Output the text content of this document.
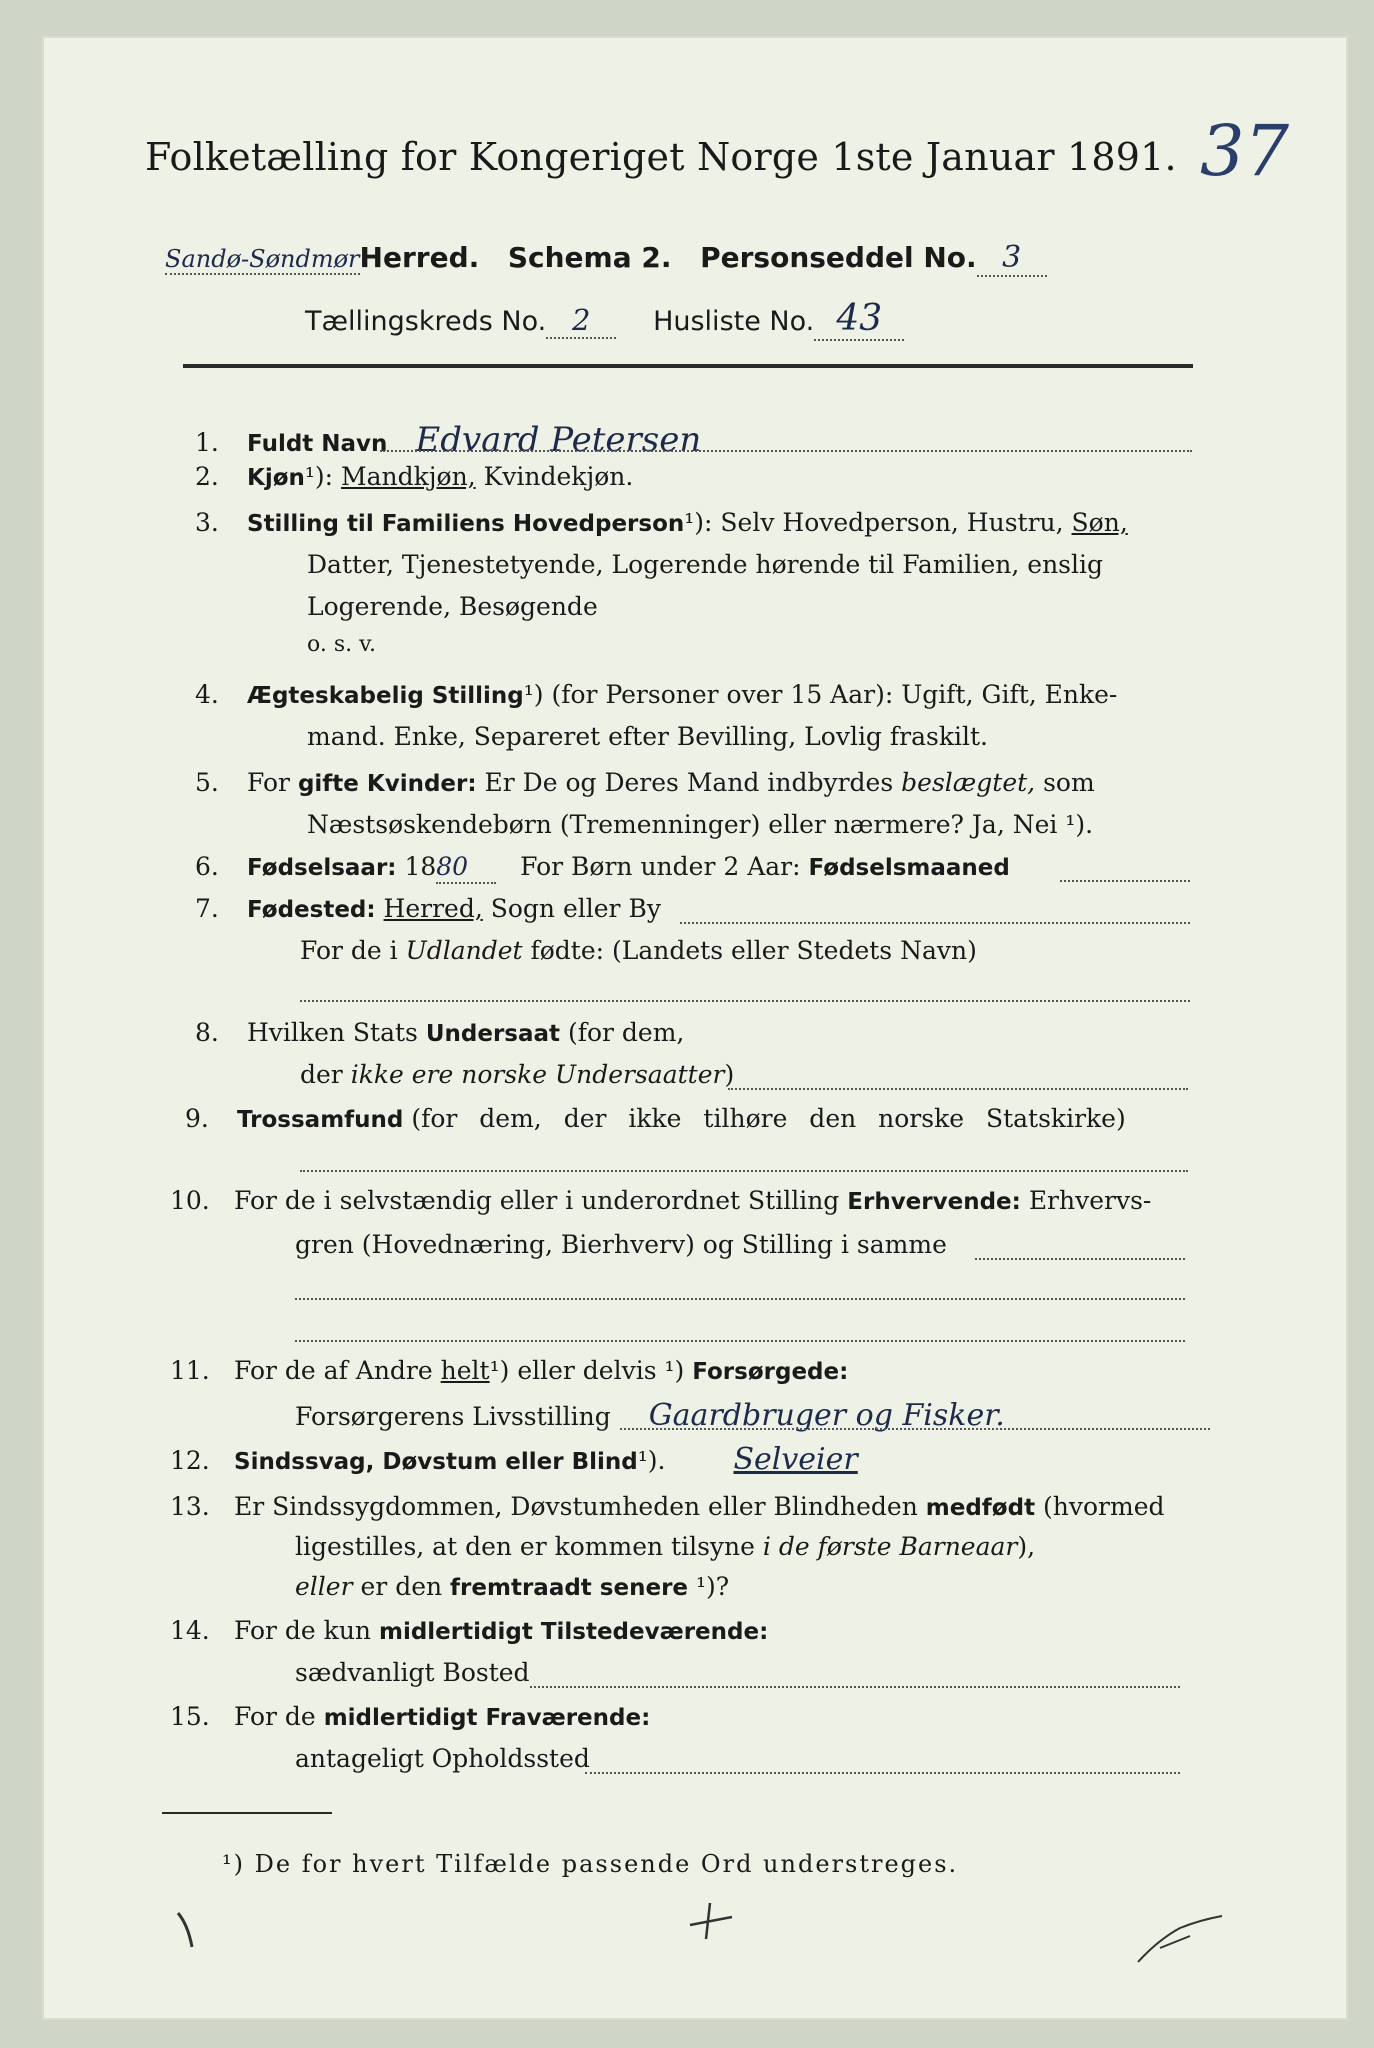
37
Folketælling for Kongeriget Norge 1ste Januar 1891.
Sandø-SøndmørHerred. Schema 2. Personseddel No. 3
Tællingskreds No. 2 Husliste No. 43
1. Fuldt Navn Edvard Petersen
2. Kjøn¹): Mandkjøn, Kvindekjøn.
3. Stilling til Familiens Hovedperson¹): Selv Hovedperson, Hustru, Søn,
Datter, Tjenestetyende, Logerende hørende til Familien, enslig
Logerende, Besøgende
o. s. v.
4. Ægteskabelig Stilling¹) (for Personer over 15 Aar): Ugift, Gift, Enke-
mand. Enke, Separeret efter Bevilling, Lovlig fraskilt.
5. For gifte Kvinder: Er De og Deres Mand indbyrdes beslægtet, som
Næstsøskendebørn (Tremenninger) eller nærmere? Ja, Nei ¹).
6. Fødselsaar: 1880 For Børn under 2 Aar: Fødselsmaaned
7. Fødested: Herred, Sogn eller By
For de i Udlandet fødte: (Landets eller Stedets Navn)
8. Hvilken Stats Undersaat (for dem,
der ikke ere norske Undersaatter)
9. Trossamfund (for dem, der ikke tilhøre den norske Statskirke)
10. For de i selvstændig eller i underordnet Stilling Erhvervende: Erhvervs-
gren (Hovednæring, Bierhverv) og Stilling i samme
11. For de af Andre helt¹) eller delvis ¹) Forsørgede:
Forsørgerens Livsstilling Gaardbruger og Fisker.
12. Sindssvag, Døvstum eller Blind¹). Selveier
13. Er Sindssygdommen, Døvstumheden eller Blindheden medfødt (hvormed
ligestilles, at den er kommen tilsyne i de første Barneaar),
eller er den fremtraadt senere ¹)?
14. For de kun midlertidigt Tilstedeværende:
sædvanligt Bosted
15. For de midlertidigt Fraværende:
antageligt Opholdssted
¹) De for hvert Tilfælde passende Ord understreges.
